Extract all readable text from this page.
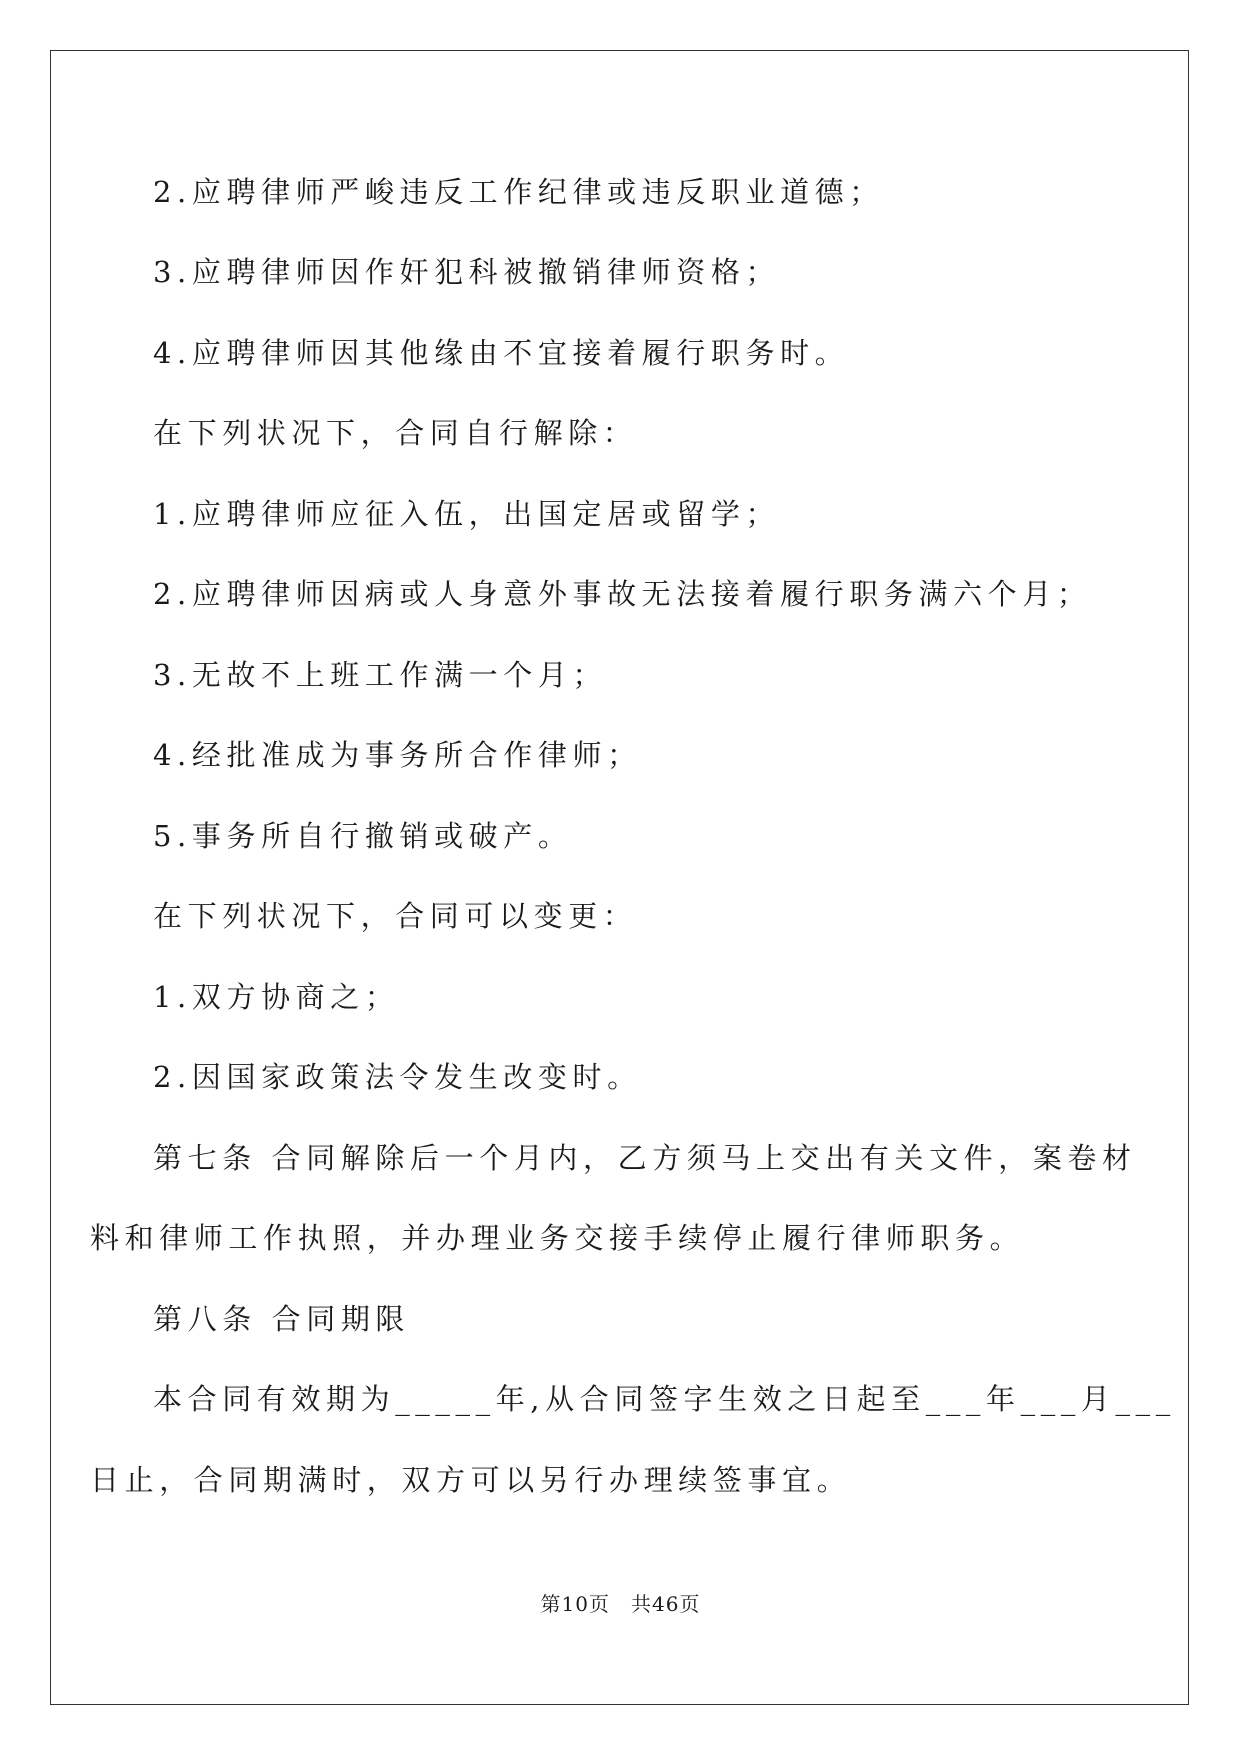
2.应聘律师严峻违反工作纪律或违反职业道德；
3.应聘律师因作奸犯科被撤销律师资格；
4.应聘律师因其他缘由不宜接着履行职务时。
在下列状况下，合同自行解除：
1.应聘律师应征入伍，出国定居或留学；
2.应聘律师因病或人身意外事故无法接着履行职务满六个月；
3.无故不上班工作满一个月；
4.经批准成为事务所合作律师；
5.事务所自行撤销或破产。
在下列状况下，合同可以变更：
1.双方协商之；
2.因国家政策法令发生改变时。
第七条 合同解除后一个月内，乙方须马上交出有关文件，案卷材
料和律师工作执照，并办理业务交接手续停止履行律师职务。
第八条 合同期限
本合同有效期为_____年,从合同签字生效之日起至___年___月___
日止，合同期满时，双方可以另行办理续签事宜。
第10页　共46页
